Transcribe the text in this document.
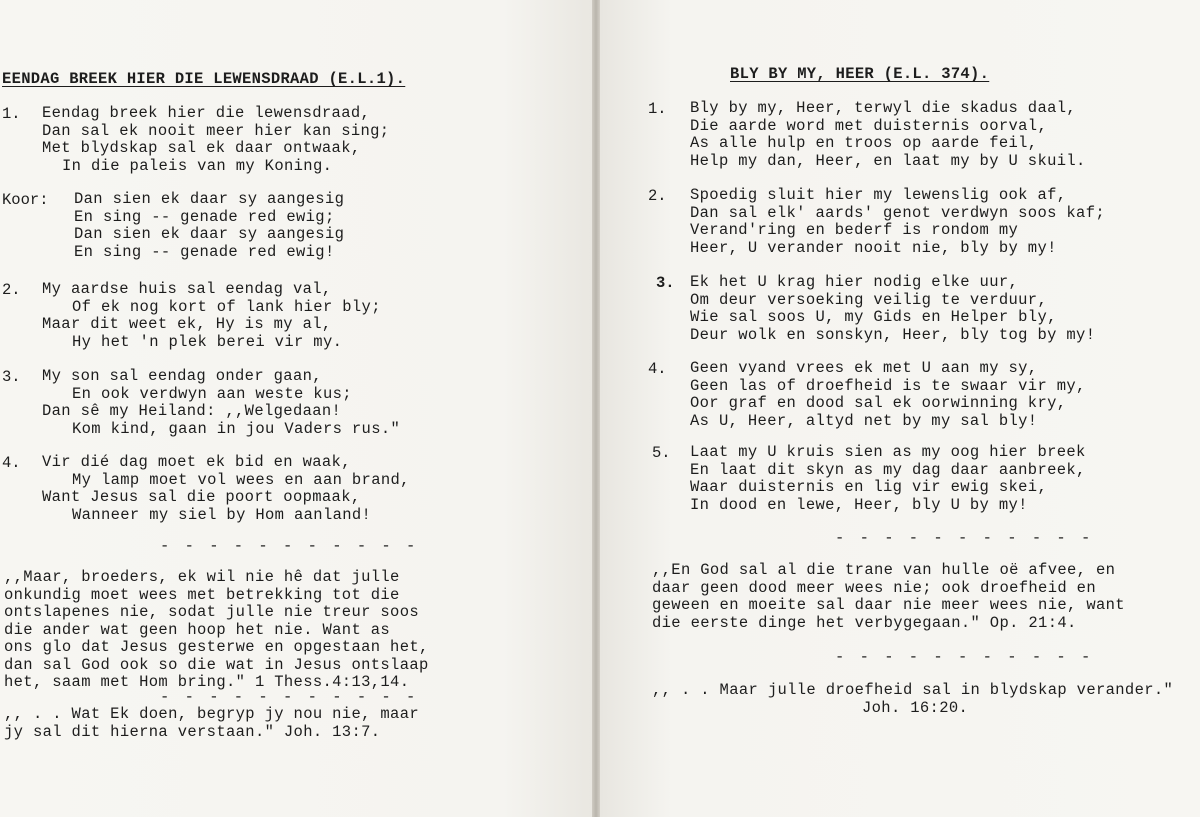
EENDAG BREEK HIER DIE LEWENSDRAAD (E.L.1).
1. Eendag breek hier die lewensdraad,
Dan sal ek nooit meer hier kan sing;
Met blydskap sal ek daar ontwaak,
In die paleis van my Koning.
Koor: Dan sien ek daar sy aangesig
En sing -- genade red ewig;
Dan sien ek daar sy aangesig
En sing -- genade red ewig!
2. My aardse huis sal eendag val,
Of ek nog kort of lank hier bly;
Maar dit weet ek, Hy is my al,
Hy het 'n plek berei vir my.
3. My son sal eendag onder gaan,
En ook verdwyn aan weste kus;
Dan sê my Heiland: ,,Welgedaan!
Kom kind, gaan in jou Vaders rus."
4. Vir dié dag moet ek bid en waak,
My lamp moet vol wees en aan brand,
Want Jesus sal die poort oopmaak,
Wanneer my siel by Hom aanland!
- - - - - - - - - - -
,,Maar, broeders, ek wil nie hê dat julle
onkundig moet wees met betrekking tot die
ontslapenes nie, sodat julle nie treur soos
die ander wat geen hoop het nie. Want as
ons glo dat Jesus gesterwe en opgestaan het,
dan sal God ook so die wat in Jesus ontslaap
het, saam met Hom bring." 1 Thess.4:13,14.
- - - - - - - - - - -
,, . . Wat Ek doen, begryp jy nou nie, maar
jy sal dit hierna verstaan." Joh. 13:7.
BLY BY MY, HEER (E.L. 374).
1. Bly by my, Heer, terwyl die skadus daal,
Die aarde word met duisternis oorval,
As alle hulp en troos op aarde feil,
Help my dan, Heer, en laat my by U skuil.
2. Spoedig sluit hier my lewenslig ook af,
Dan sal elk' aards' genot verdwyn soos kaf;
Verand'ring en bederf is rondom my
Heer, U verander nooit nie, bly by my!
3. Ek het U krag hier nodig elke uur,
Om deur versoeking veilig te verduur,
Wie sal soos U, my Gids en Helper bly,
Deur wolk en sonskyn, Heer, bly tog by my!
4. Geen vyand vrees ek met U aan my sy,
Geen las of droefheid is te swaar vir my,
Oor graf en dood sal ek oorwinning kry,
As U, Heer, altyd net by my sal bly!
5. Laat my U kruis sien as my oog hier breek
En laat dit skyn as my dag daar aanbreek,
Waar duisternis en lig vir ewig skei,
In dood en lewe, Heer, bly U by my!
- - - - - - - - - - -
,,En God sal al die trane van hulle oë afvee, en
daar geen dood meer wees nie; ook droefheid en
geween en moeite sal daar nie meer wees nie, want
die eerste dinge het verbygegaan." Op. 21:4.
- - - - - - - - - - -
,, . . Maar julle droefheid sal in blydskap verander."
Joh. 16:20.
